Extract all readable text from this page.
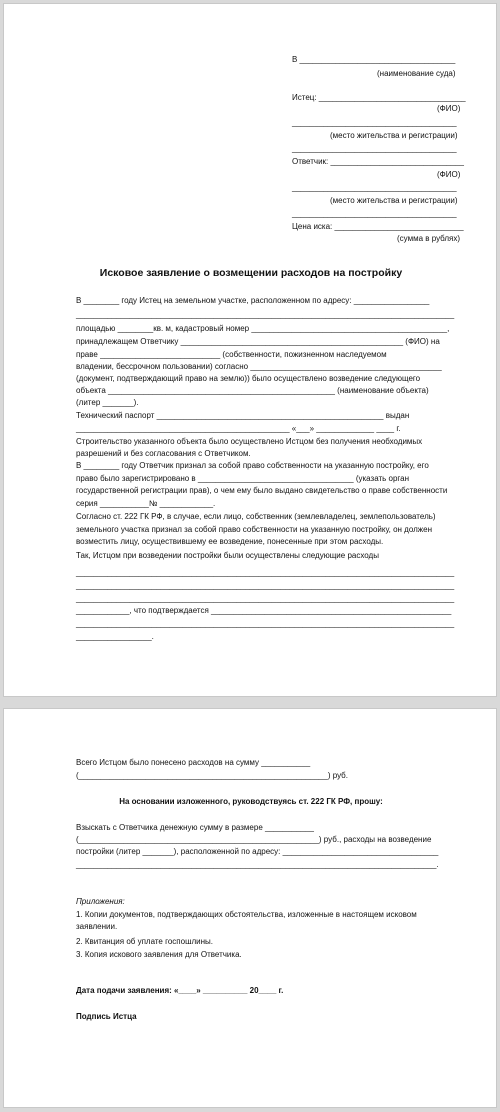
В ___________________________________
(наименование суда)
Истец: _________________________________
(ФИО)
_____________________________________
(место жительства и регистрации)
_____________________________________
Ответчик: ______________________________
(ФИО)
_____________________________________
(место жительства и регистрации)
_____________________________________
Цена иска: _____________________________
(сумма в рублях)
Исковое заявление о возмещении расходов на постройку
В ________ году Истец на земельном участке, расположенном по адресу: _________________
_____________________________________________________________________________________
площадью ________кв. м, кадастровый номер ____________________________________________,
принадлежащем Ответчику __________________________________________________ (ФИО) на
праве ___________________________ (собственности, пожизненном наследуемом
владении, бессрочном пользовании) согласно ___________________________________________
(документ, подтверждающий право на землю)) было осуществлено возведение следующего
объекта ___________________________________________________ (наименование объекта)
(литер _______).
Технический паспорт ___________________________________________________ выдан
________________________________________________ «___» _____________ ____ г.
Строительство указанного объекта было осуществлено Истцом без получения необходимых
разрешений и без согласования с Ответчиком.
В ________ году Ответчик признал за собой право собственности на указанную постройку, его
право было зарегистрировано в ___________________________________ (указать орган
государственной регистрации прав), о чем ему было выдано свидетельство о праве собственности
серия ___________№ ____________.
Согласно ст. 222 ГК РФ, в случае, если лицо, собственник (землевладелец, землепользователь)
земельного участка признал за собой право собственности на указанную постройку, он должен
возместить лицу, осуществившему ее возведение, понесенные при этом расходы.
Так, Истцом при возведении постройки были осуществлены следующие расходы
_____________________________________________________________________________________
_____________________________________________________________________________________
_____________________________________________________________________________________
____________, что подтверждается ______________________________________________________
_____________________________________________________________________________________
_________________.
Всего Истцом было понесено расходов на сумму ___________
(________________________________________________________) руб.
На основании изложенного, руководствуясь ст. 222 ГК РФ, прошу:
Взыскать с Ответчика денежную сумму в размере ___________
(______________________________________________________) руб., расходы на возведение
постройки (литер _______), расположенной по адресу: ___________________________________
_________________________________________________________________________________.
Приложения:
1. Копии документов, подтверждающих обстоятельства, изложенные в настоящем исковом
заявлении.
2. Квитанция об уплате госпошлины.
3. Копия искового заявления для Ответчика.
Дата подачи заявления: «____» __________ 20____ г.
Подпись Истца
